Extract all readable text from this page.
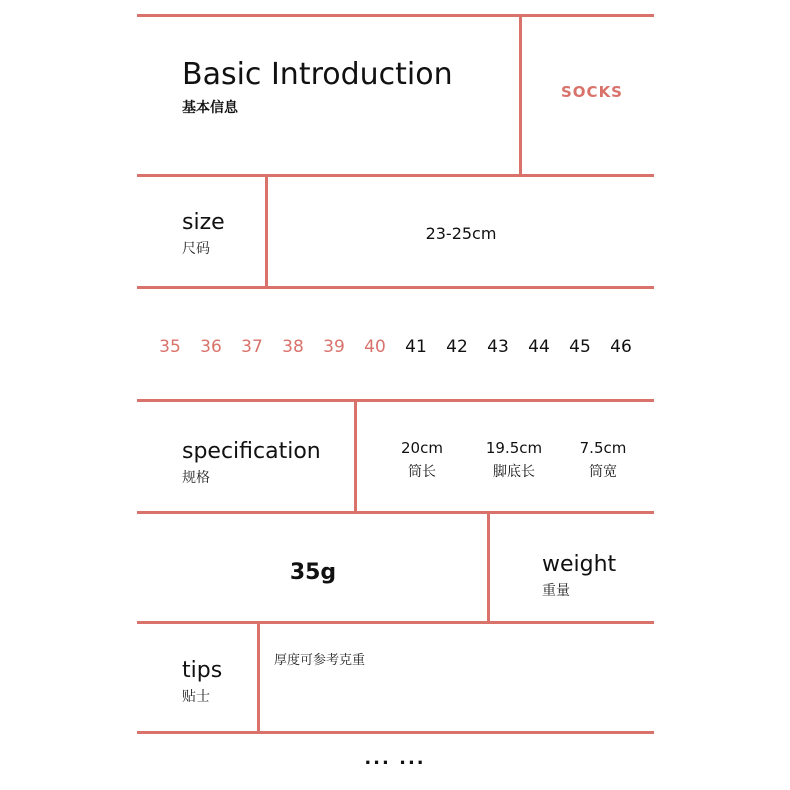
Basic Introduction
基本信息
SOCKS
size
尺码
23-25cm
35	36	37	38	39	40	41	42	43	44	45	46
specification
规格
20cm
筒长
19.5cm
脚底长
7.5cm
筒宽
35g	weight
重量
tips
贴士
厚度可参考克重
... ...
